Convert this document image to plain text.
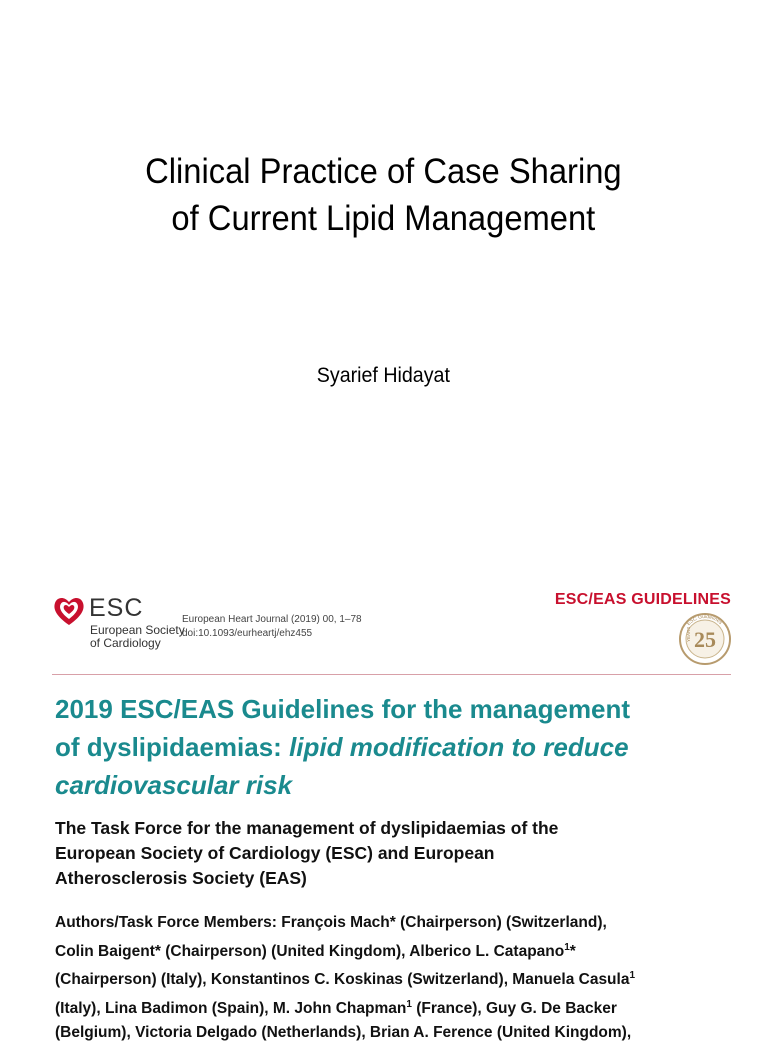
Clinical Practice of Case Sharing
of Current Lipid Management
Syarief Hidayat
ESC
European Society
of Cardiology
European Heart Journal (2019) 00, 1–78
doi:10.1093/eurheartj/ehz455
ESC/EAS GUIDELINES
25
YEARS
ESC Guidelines
2019 ESC/EAS Guidelines for the management
of dyslipidaemias: lipid modification to reduce
cardiovascular risk
The Task Force for the management of dyslipidaemias of the
European Society of Cardiology (ESC) and European
Atherosclerosis Society (EAS)
Authors/Task Force Members: François Mach* (Chairperson) (Switzerland),
Colin Baigent* (Chairperson) (United Kingdom), Alberico L. Catapano$^1$*
(Chairperson) (Italy), Konstantinos C. Koskinas (Switzerland), Manuela Casula$^1$
(Italy), Lina Badimon (Spain), M. John Chapman$^1$ (France), Guy G. De Backer
(Belgium), Victoria Delgado (Netherlands), Brian A. Ference (United Kingdom),
